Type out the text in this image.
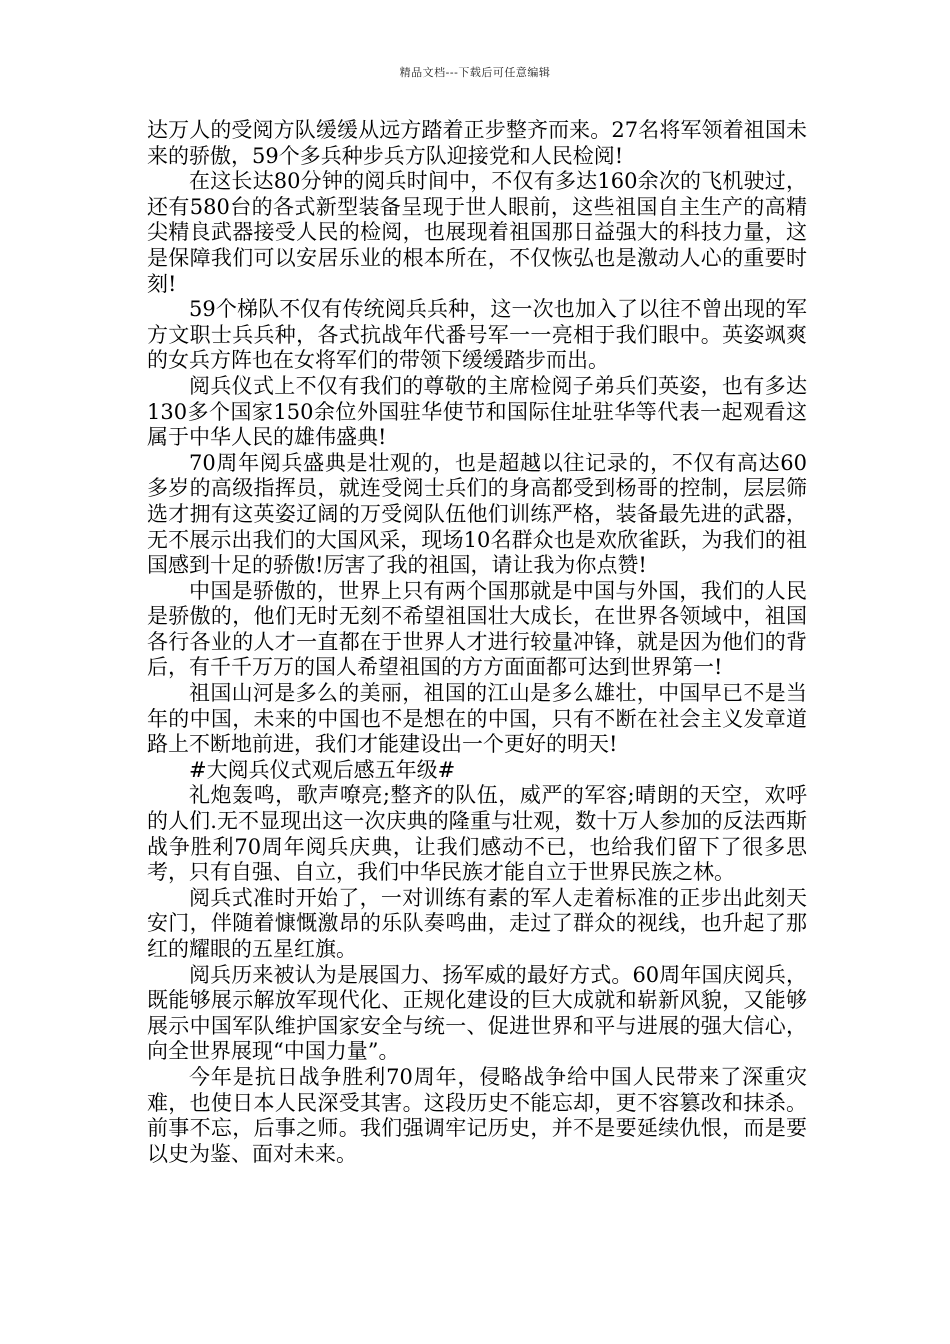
精品文档---下载后可任意编辑

达万人的受阅方队缓缓从远方踏着正步整齐而来。27名将军领着祖国未来的骄傲，59个多兵种步兵方队迎接党和人民检阅!

在这长达80分钟的阅兵时间中，不仅有多达160余次的飞机驶过，还有580台的各式新型装备呈现于世人眼前，这些祖国自主生产的高精尖精良武器接受人民的检阅，也展现着祖国那日益强大的科技力量，这是保障我们可以安居乐业的根本所在，不仅恢弘也是激动人心的重要时刻!

59个梯队不仅有传统阅兵兵种，这一次也加入了以往不曾出现的军方文职士兵兵种，各式抗战年代番号军一一亮相于我们眼中。英姿飒爽的女兵方阵也在女将军们的带领下缓缓踏步而出。

阅兵仪式上不仅有我们的尊敬的主席检阅子弟兵们英姿，也有多达130多个国家150余位外国驻华使节和国际住址驻华等代表一起观看这属于中华人民的雄伟盛典!

70周年阅兵盛典是壮观的，也是超越以往记录的，不仅有高达60多岁的高级指挥员，就连受阅士兵们的身高都受到杨哥的控制，层层筛选才拥有这英姿辽阔的万受阅队伍他们训练严格，装备最先进的武器，无不展示出我们的大国风采，现场10名群众也是欢欣雀跃，为我们的祖国感到十足的骄傲!厉害了我的祖国，请让我为你点赞!

中国是骄傲的，世界上只有两个国那就是中国与外国，我们的人民是骄傲的，他们无时无刻不希望祖国壮大成长，在世界各领域中，祖国各行各业的人才一直都在于世界人才进行较量冲锋，就是因为他们的背后，有千千万万的国人希望祖国的方方面面都可达到世界第一!

祖国山河是多么的美丽，祖国的江山是多么雄壮，中国早已不是当年的中国，未来的中国也不是想在的中国，只有不断在社会主义发章道路上不断地前进，我们才能建设出一个更好的明天!

#大阅兵仪式观后感五年级#

礼炮轰鸣，歌声嘹亮;整齐的队伍，威严的军容;晴朗的天空，欢呼的人们.无不显现出这一次庆典的隆重与壮观，数十万人参加的反法西斯战争胜利70周年阅兵庆典，让我们感动不已，也给我们留下了很多思考，只有自强、自立，我们中华民族才能自立于世界民族之林。

阅兵式准时开始了，一对训练有素的军人走着标准的正步出此刻天安门，伴随着慷慨激昂的乐队奏鸣曲，走过了群众的视线，也升起了那红的耀眼的五星红旗。

阅兵历来被认为是展国力、扬军威的最好方式。60周年国庆阅兵，既能够展示解放军现代化、正规化建设的巨大成就和崭新风貌，又能够展示中国军队维护国家安全与统一、促进世界和平与进展的强大信心，向全世界展现“中国力量”。

今年是抗日战争胜利70周年，侵略战争给中国人民带来了深重灾难，也使日本人民深受其害。这段历史不能忘却，更不容篡改和抹杀。前事不忘，后事之师。我们强调牢记历史，并不是要延续仇恨，而是要以史为鉴、面对未来。
